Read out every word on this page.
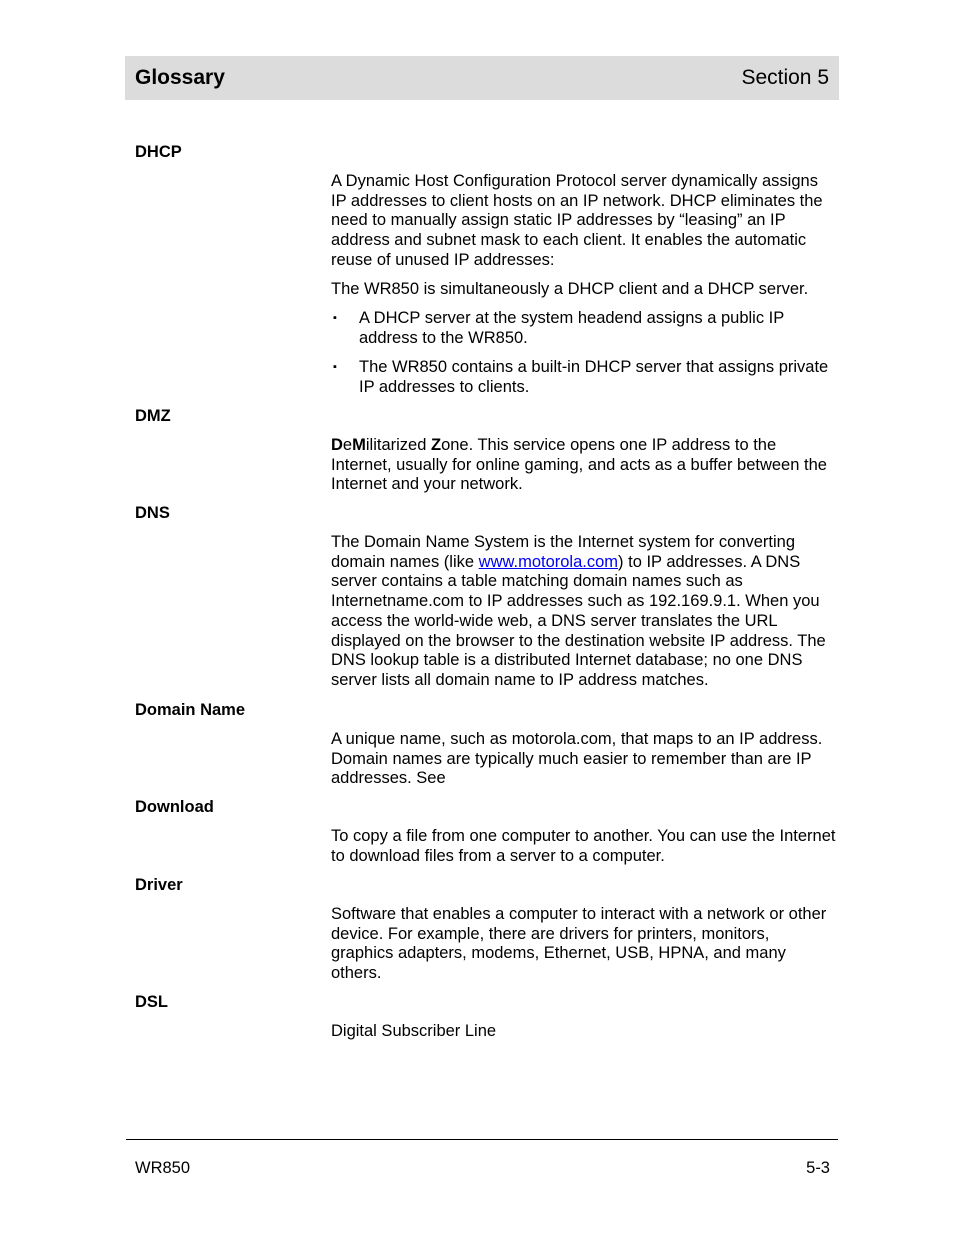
Glossary	Section 5
DHCP

A Dynamic Host Configuration Protocol server dynamically assigns IP addresses to client hosts on an IP network. DHCP eliminates the need to manually assign static IP addresses by “leasing” an IP address and subnet mask to each client. It enables the automatic reuse of unused IP addresses:

The WR850 is simultaneously a DHCP client and a DHCP server.

▪ A DHCP server at the system headend assigns a public IP address to the WR850.
▪ The WR850 contains a built-in DHCP server that assigns private IP addresses to clients.
DMZ

DeMilitarized Zone. This service opens one IP address to the Internet, usually for online gaming, and acts as a buffer between the Internet and your network.

DNS

The Domain Name System is the Internet system for converting domain names (like www.motorola.com) to IP addresses. A DNS server contains a table matching domain names such as Internetname.com to IP addresses such as 192.169.9.1. When you access the world-wide web, a DNS server translates the URL displayed on the browser to the destination website IP address. The DNS lookup table is a distributed Internet database; no one DNS server lists all domain name to IP address matches.

Domain Name

A unique name, such as motorola.com, that maps to an IP address. Domain names are typically much easier to remember than are IP addresses. See

Download

To copy a file from one computer to another. You can use the Internet to download files from a server to a computer.

Driver

Software that enables a computer to interact with a network or other device. For example, there are drivers for printers, monitors, graphics adapters, modems, Ethernet, USB, HPNA, and many others.

DSL

Digital Subscriber Line

WR850	5-3
